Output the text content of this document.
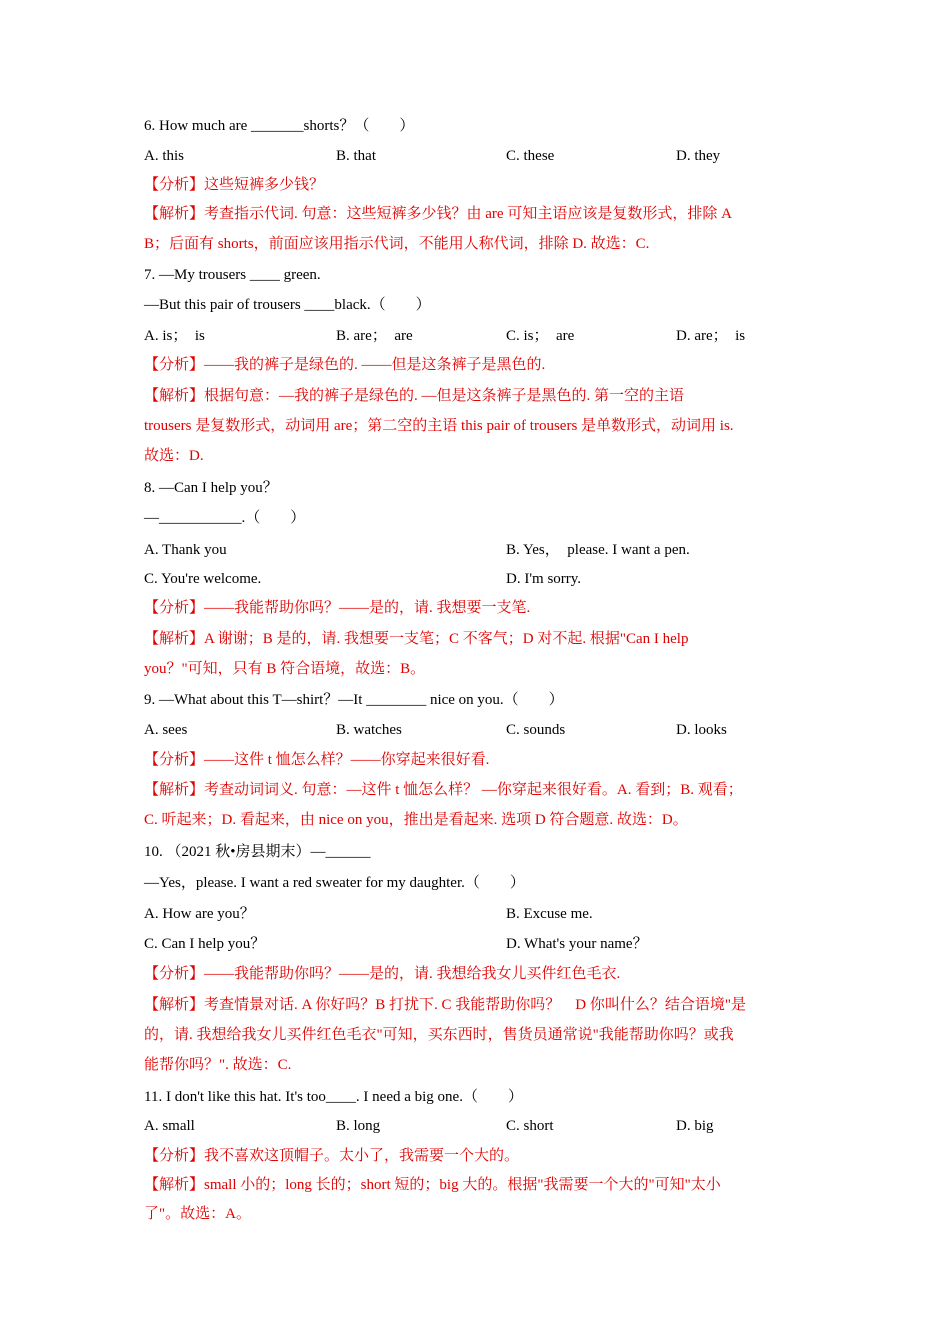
6. How much are _______shorts？（　　）
A. this	B. that	C. these	D. they
【分析】这些短裤多少钱？
【解析】考查指示代词. 句意：这些短裤多少钱？由 are 可知主语应该是复数形式，排除 A
B；后面有 shorts，前面应该用指示代词，不能用人称代词，排除 D. 故选：C.
7. —My trousers ____ green.
—But this pair of trousers ____black.（　　）
A. is；　is	B. are；　are	C. is；　are	D. are；　is
【分析】——我的裤子是绿色的. ——但是这条裤子是黑色的.
【解析】根据句意：—我的裤子是绿色的. —但是这条裤子是黑色的. 第一空的主语
trousers 是复数形式，动词用 are；第二空的主语 this pair of trousers 是单数形式，动词用 is.
故选：D.
8. —Can I help you？
—___________.（　　）
A. Thank you	B. Yes，　please. I want a pen.
C. You're welcome.	D. I'm sorry.
【分析】——我能帮助你吗？——是的，请. 我想要一支笔.
【解析】A 谢谢；B 是的，请. 我想要一支笔；C 不客气；D 对不起. 根据"Can I help
you？"可知，只有 B 符合语境，故选：B。
9. —What about this T—shirt？—It ________ nice on you.（　　）
A. sees	B. watches	C. sounds	D. looks
【分析】——这件 t 恤怎么样？——你穿起来很好看.
【解析】考查动词词义. 句意：—这件 t 恤怎么样？ —你穿起来很好看。A. 看到；B. 观看；
C. 听起来；D. 看起来，由 nice on you，推出是看起来. 选项 D 符合题意. 故选：D。
10. （2021 秋•房县期末）—______
—Yes，please. I want a red sweater for my daughter.（　　）
A. How are you？	B. Excuse me.
C. Can I help you？	D. What's your name？
【分析】——我能帮助你吗？——是的，请. 我想给我女儿买件红色毛衣.
【解析】考查情景对话. A 你好吗？B 打扰下. C 我能帮助你吗？　D 你叫什么？结合语境"是
的，请. 我想给我女儿买件红色毛衣"可知，买东西时，售货员通常说"我能帮助你吗？或我
能帮你吗？". 故选：C.
11. I don't like this hat. It's too____. I need a big one.（　　）
A. small	B. long	C. short	D. big
【分析】我不喜欢这顶帽子。太小了，我需要一个大的。
【解析】small 小的；long 长的；short 短的；big 大的。根据"我需要一个大的"可知"太小
了"。故选：A。
